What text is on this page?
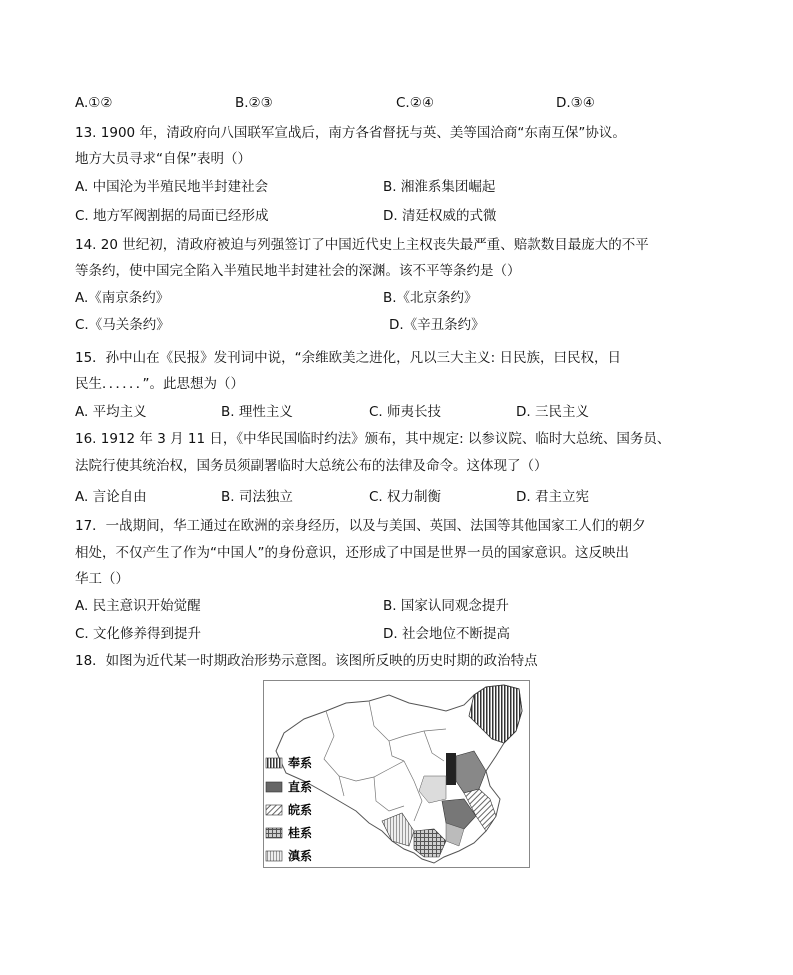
A.①②	B.②③	C.②④	D.③④
13. 1900 年，清政府向八国联军宣战后，南方各省督抚与英、美等国洽商“东南互保”协议。
地方大员寻求“自保”表明（）
A. 中国沦为半殖民地半封建社会	B. 湘淮系集团崛起
C. 地方军阀割据的局面已经形成	D. 清廷权威的式微
14. 20 世纪初，清政府被迫与列强签订了中国近代史上主权丧失最严重、赔款数目最庞大的不平
等条约，使中国完全陷入半殖民地半封建社会的深渊。该不平等条约是（）
A.《南京条约》	B.《北京条约》
C.《马关条约》	D.《辛丑条约》
15．孙中山在《民报》发刊词中说，“余维欧美之进化，凡以三大主义: 日民族，曰民权，日
民生．．．．．．”。此思想为（）
A. 平均主义	B. 理性主义	C. 师夷长技	D. 三民主义
16. 1912 年 3 月 11 日，《中华民国临时约法》颁布，其中规定: 以参议院、临时大总统、国务员、
法院行使其统治权，国务员须副署临时大总统公布的法律及命令。这体现了（）
A. 言论自由	B. 司法独立	C. 权力制衡	D. 君主立宪
17．一战期间，华工通过在欧洲的亲身经历，以及与美国、英国、法国等其他国家工人们的朝夕
相处，不仅产生了作为“中国人”的身份意识，还形成了中国是世界一员的国家意识。这反映出
华工（）
A. 民主意识开始觉醒	B. 国家认同观念提升
C. 文化修养得到提升	D. 社会地位不断提高
18．如图为近代某一时期政治形势示意图。该图所反映的历史时期的政治特点
奉系
直系
皖系
桂系
滇系
